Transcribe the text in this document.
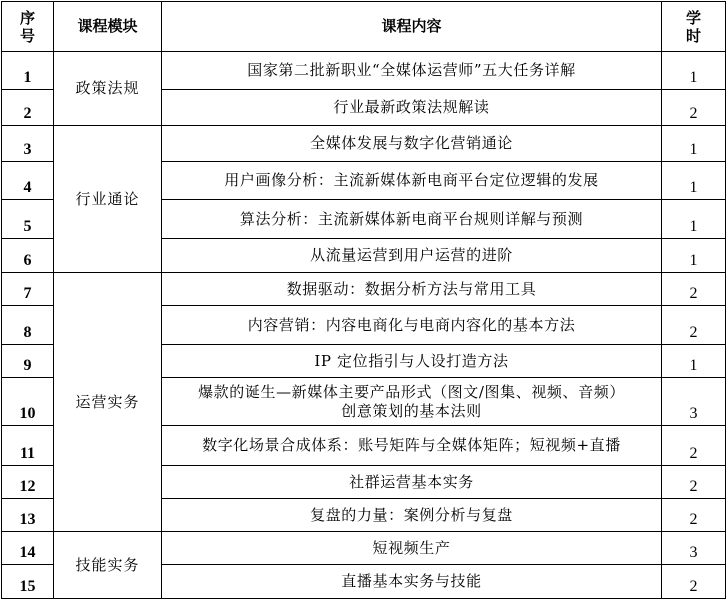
序
号	课程模块	课程内容	学
时

1	政策法规	国家第二批新职业“全媒体运营师”五大任务详解	1
2		行业最新政策法规解读	2
3	行业通论	全媒体发展与数字化营销通论	1
4		用户画像分析：主流新媒体新电商平台定位逻辑的发展	1
5		算法分析：主流新媒体新电商平台规则详解与预测	1
6		从流量运营到用户运营的进阶	1
7	运营实务	数据驱动：数据分析方法与常用工具	2
8		内容营销：内容电商化与电商内容化的基本方法	2
9		IP 定位指引与人设打造方法	1
10		爆款的诞生—新媒体主要产品形式（图文/图集、视频、音频）
创意策划的基本法则	3
11		数字化场景合成体系：账号矩阵与全媒体矩阵；短视频+直播	2
12		社群运营基本实务	2
13		复盘的力量：案例分析与复盘	2
14	技能实务	短视频生产	3
15		直播基本实务与技能	2
